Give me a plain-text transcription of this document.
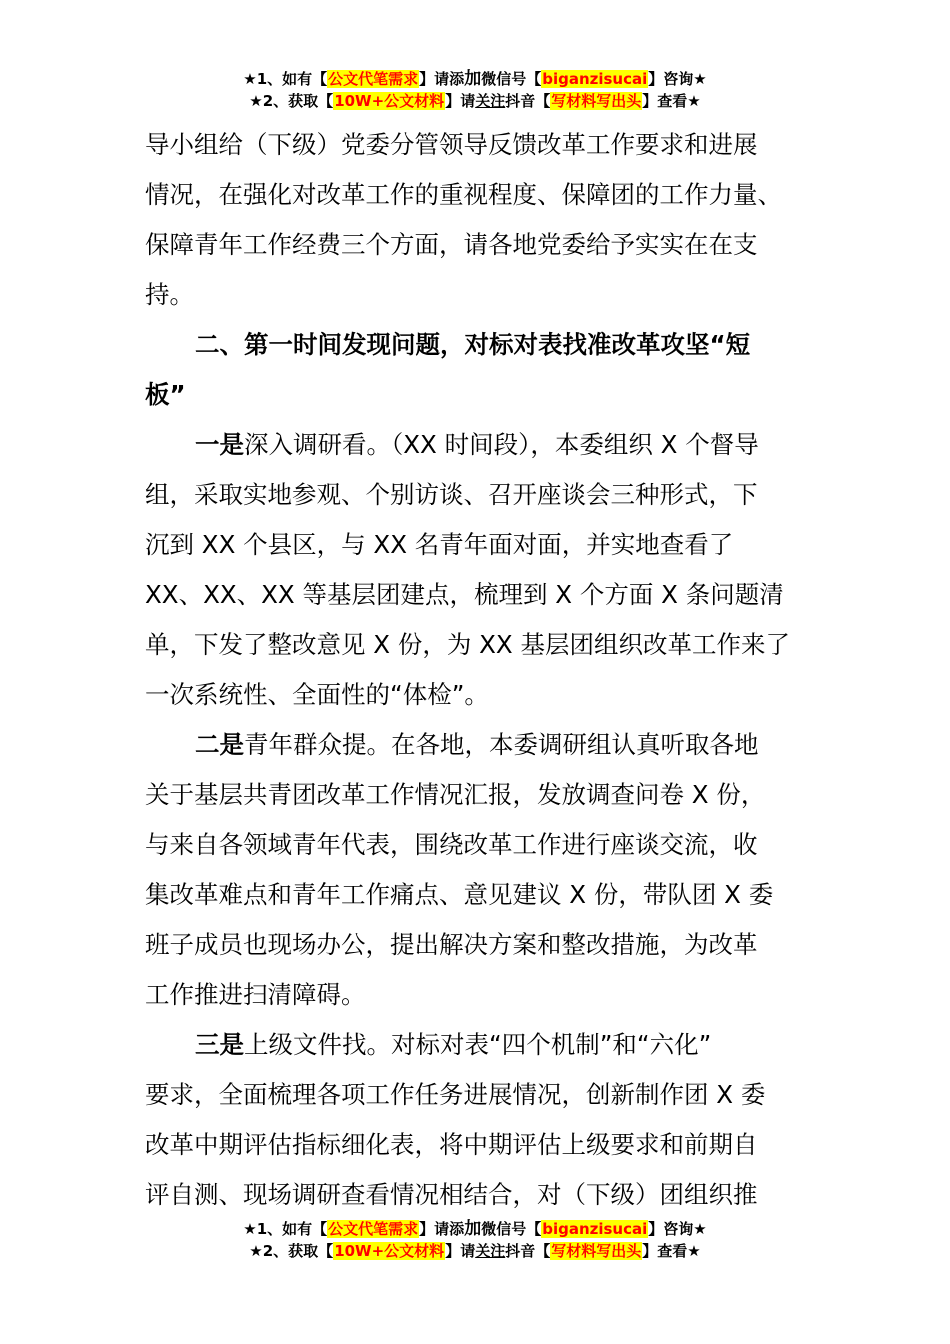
★1、如有【公文代笔需求】请添加微信号【biganzisucai】咨询★
★2、获取【10W+公文材料】请关注抖音【写材料写出头】查看★

导小组给（下级）党委分管领导反馈改革工作要求和进展

情况，在强化对改革工作的重视程度、保障团的工作力量、

保障青年工作经费三个方面，请各地党委给予实实在在支

持。

二、第一时间发现问题，对标对表找准改革攻坚“短

板”

一是深入调研看。（XX 时间段），本委组织 X 个督导

组，采取实地参观、个别访谈、召开座谈会三种形式，下

沉到 XX 个县区，与 XX 名青年面对面，并实地查看了

XX、XX、XX 等基层团建点，梳理到 X 个方面 X 条问题清

单，下发了整改意见 X 份，为 XX 基层团组织改革工作来了

一次系统性、全面性的“体检”。

二是青年群众提。在各地，本委调研组认真听取各地

关于基层共青团改革工作情况汇报，发放调查问卷 X 份，

与来自各领域青年代表，围绕改革工作进行座谈交流，收

集改革难点和青年工作痛点、意见建议 X 份，带队团 X 委

班子成员也现场办公，提出解决方案和整改措施，为改革

工作推进扫清障碍。

三是上级文件找。对标对表“四个机制”和“六化”

要求，全面梳理各项工作任务进展情况，创新制作团 X 委

改革中期评估指标细化表，将中期评估上级要求和前期自

评自测、现场调研查看情况相结合，对（下级）团组织推

★1、如有【公文代笔需求】请添加微信号【biganzisucai】咨询★
★2、获取【10W+公文材料】请关注抖音【写材料写出头】查看★
